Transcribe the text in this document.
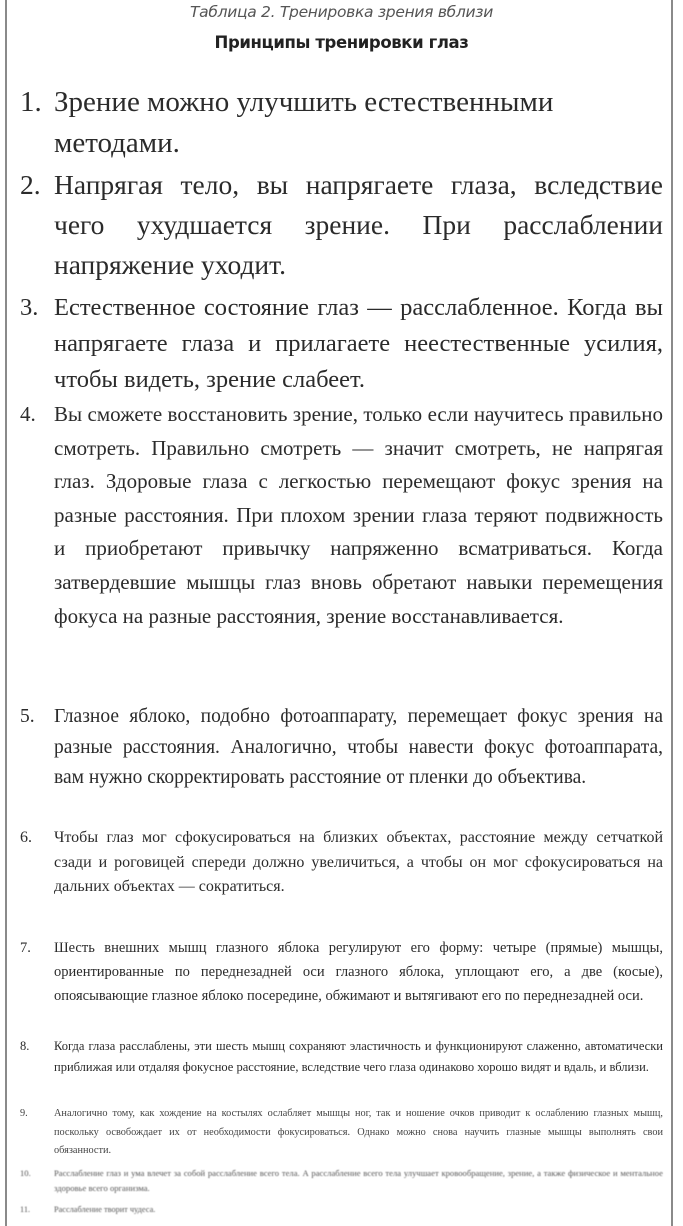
Таблица 2. Тренировка зрения вблизи
Принципы тренировки глаз
1. Зрение можно улучшить естественными методами.
2. Напрягая тело, вы напрягаете глаза, вследствие чего ухудшается зрение. При расслаблении напряжение уходит.
3. Естественное состояние глаз — расслабленное. Когда вы напрягаете глаза и прилагаете неестественные усилия, чтобы видеть, зрение слабеет.
4. Вы сможете восстановить зрение, только если научитесь правильно смотреть. Правильно смотреть — значит смотреть, не напрягая глаз. Здоровые глаза с легкостью перемещают фокус зрения на разные расстояния. При плохом зрении глаза теряют подвижность и приобретают привычку напряженно всматриваться. Когда затвердевшие мышцы глаз вновь обретают навыки перемещения фокуса на разные расстояния, зрение восстанавливается.
5. Глазное яблоко, подобно фотоаппарату, перемещает фокус зрения на разные расстояния. Аналогично, чтобы навести фокус фотоаппарата, вам нужно скорректировать расстояние от пленки до объектива.
6.	Чтобы глаз мог сфокусироваться на близких объектах, расстояние между сетчаткой сзади и роговицей спереди должно увеличиться, а чтобы он мог сфокусироваться на дальних объектах — сократиться.
7.	Шесть внешних мышц глазного яблока регулируют его форму: четыре (прямые) мышцы, ориентированные по переднезадней оси глазного яблока, уплощают его, а две (косые), опоясывающие глазное яблоко посередине, обжимают и вытягивают его по переднезадней оси.
8.	Когда глаза расслаблены, эти шесть мышц сохраняют эластичность и функционируют слаженно, автоматически приближая или отдаляя фокусное расстояние, вследствие чего глаза одинаково хорошо видят и вдаль, и вблизи.
9.	Аналогично тому, как хождение на костылях ослабляет мышцы ног, так и ношение очков приводит к ослаблению глазных мышц, поскольку освобождает их от необходимости фокусироваться. Однако можно снова научить глазные мышцы выполнять свои обязанности.
10.	Расслабление глаз и ума влечет за собой расслабление всего тела. А расслабление всего тела улучшает кровообращение, зрение, а также физическое и ментальное здоровье всего организма.
11.	Расслабление творит чудеса.
